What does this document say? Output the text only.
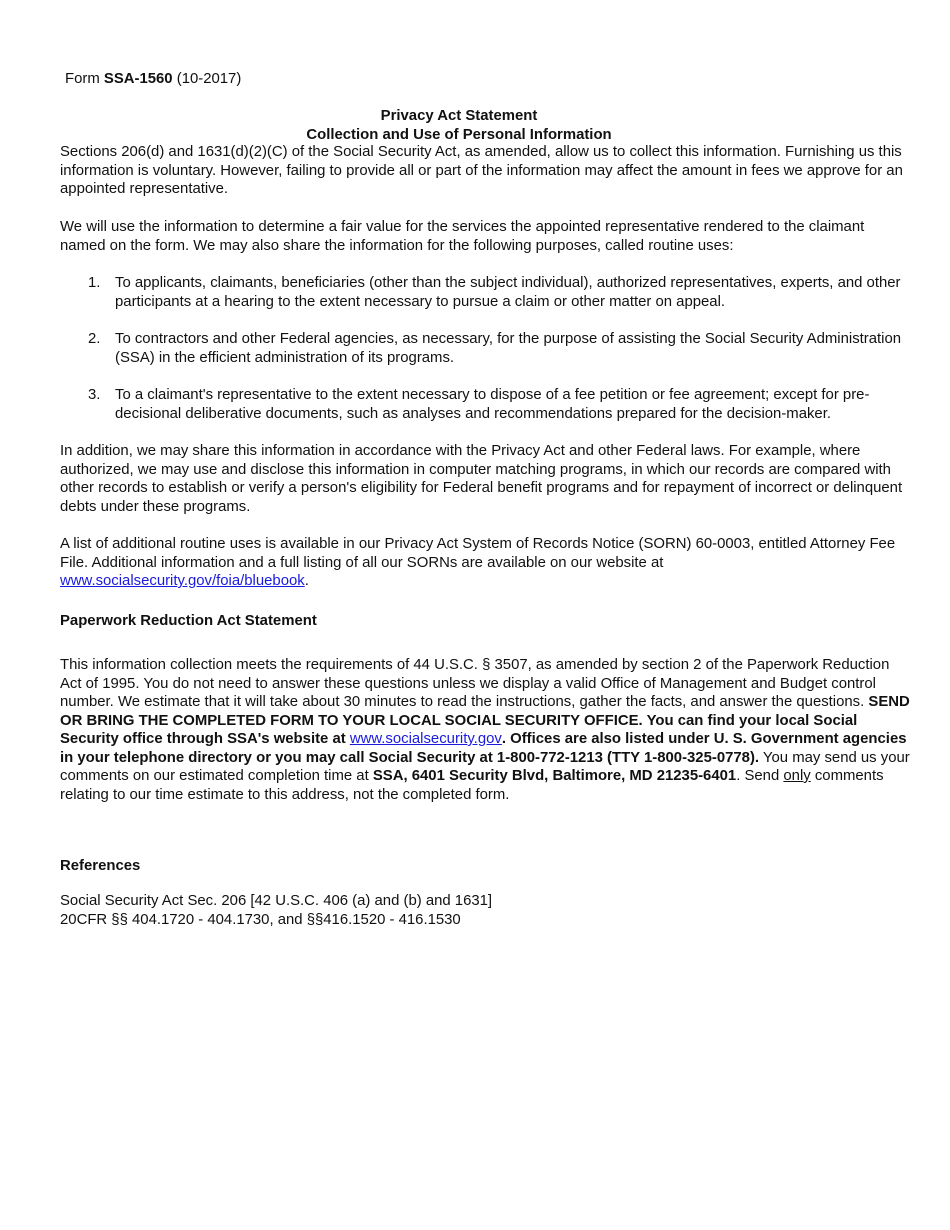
Form SSA-1560 (10-2017)
Privacy Act Statement
Collection and Use of Personal Information

Sections 206(d) and 1631(d)(2)(C) of the Social Security Act, as amended, allow us to collect this information. Furnishing us this information is voluntary. However, failing to provide all or part of the information may affect the amount in fees we approve for an appointed representative.

We will use the information to determine a fair value for the services the appointed representative rendered to the claimant named on the form. We may also share the information for the following purposes, called routine uses:

1. To applicants, claimants, beneficiaries (other than the subject individual), authorized representatives, experts, and other participants at a hearing to the extent necessary to pursue a claim or other matter on appeal.
2. To contractors and other Federal agencies, as necessary, for the purpose of assisting the Social Security Administration (SSA) in the efficient administration of its programs.
3. To a claimant's representative to the extent necessary to dispose of a fee petition or fee agreement; except for pre-decisional deliberative documents, such as analyses and recommendations prepared for the decision-maker.

In addition, we may share this information in accordance with the Privacy Act and other Federal laws. For example, where authorized, we may use and disclose this information in computer matching programs, in which our records are compared with other records to establish or verify a person's eligibility for Federal benefit programs and for repayment of incorrect or delinquent debts under these programs.

A list of additional routine uses is available in our Privacy Act System of Records Notice (SORN) 60-0003, entitled Attorney Fee File. Additional information and a full listing of all our SORNs are available on our website at www.socialsecurity.gov/foia/bluebook.

Paperwork Reduction Act Statement

This information collection meets the requirements of 44 U.S.C. § 3507, as amended by section 2 of the Paperwork Reduction Act of 1995. You do not need to answer these questions unless we display a valid Office of Management and Budget control number. We estimate that it will take about 30 minutes to read the instructions, gather the facts, and answer the questions. SEND OR BRING THE COMPLETED FORM TO YOUR LOCAL SOCIAL SECURITY OFFICE. You can find your local Social Security office through SSA's website at www.socialsecurity.gov. Offices are also listed under U. S. Government agencies in your telephone directory or you may call Social Security at 1-800-772-1213 (TTY 1-800-325-0778). You may send us your comments on our estimated completion time at SSA, 6401 Security Blvd, Baltimore, MD 21235-6401. Send only comments relating to our time estimate to this address, not the completed form.

References

Social Security Act Sec. 206 [42 U.S.C. 406 (a) and (b) and 1631]
20CFR §§ 404.1720 - 404.1730, and §§416.1520 - 416.1530
